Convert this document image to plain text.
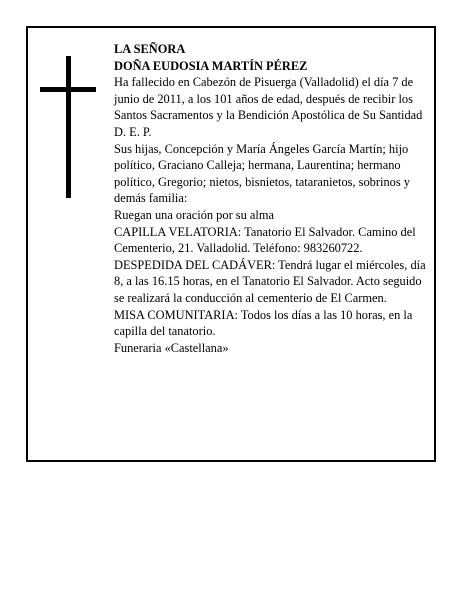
LA SEÑORA

DOÑA EUDOSIA MARTÍN PÉREZ

Ha fallecido en Cabezón de Pisuerga (Valladolid) el día 7 de junio de 2011, a los 101 años de edad, después de recibir los Santos Sacramentos y la Bendición Apostólica de Su Santidad

D. E. P.

Sus hijas, Concepción y María Ángeles García Martín; hijo político, Graciano Calleja; hermana, Laurentina; hermano político, Gregorio; nietos, bisnietos, tataranietos, sobrinos y demás familia:

Ruegan una oración por su alma

CAPILLA VELATORIA: Tanatorio El Salvador. Camino del Cementerio, 21. Valladolid. Teléfono: 983260722.

DESPEDIDA DEL CADÁVER: Tendrá lugar el miércoles, día 8, a las 16.15 horas, en el Tanatorio El Salvador. Acto seguido se realizará la conducción al cementerio de El Carmen.

MISA COMUNITARIA: Todos los días a las 10 horas, en la capilla del tanatorio.

Funeraria «Castellana»
